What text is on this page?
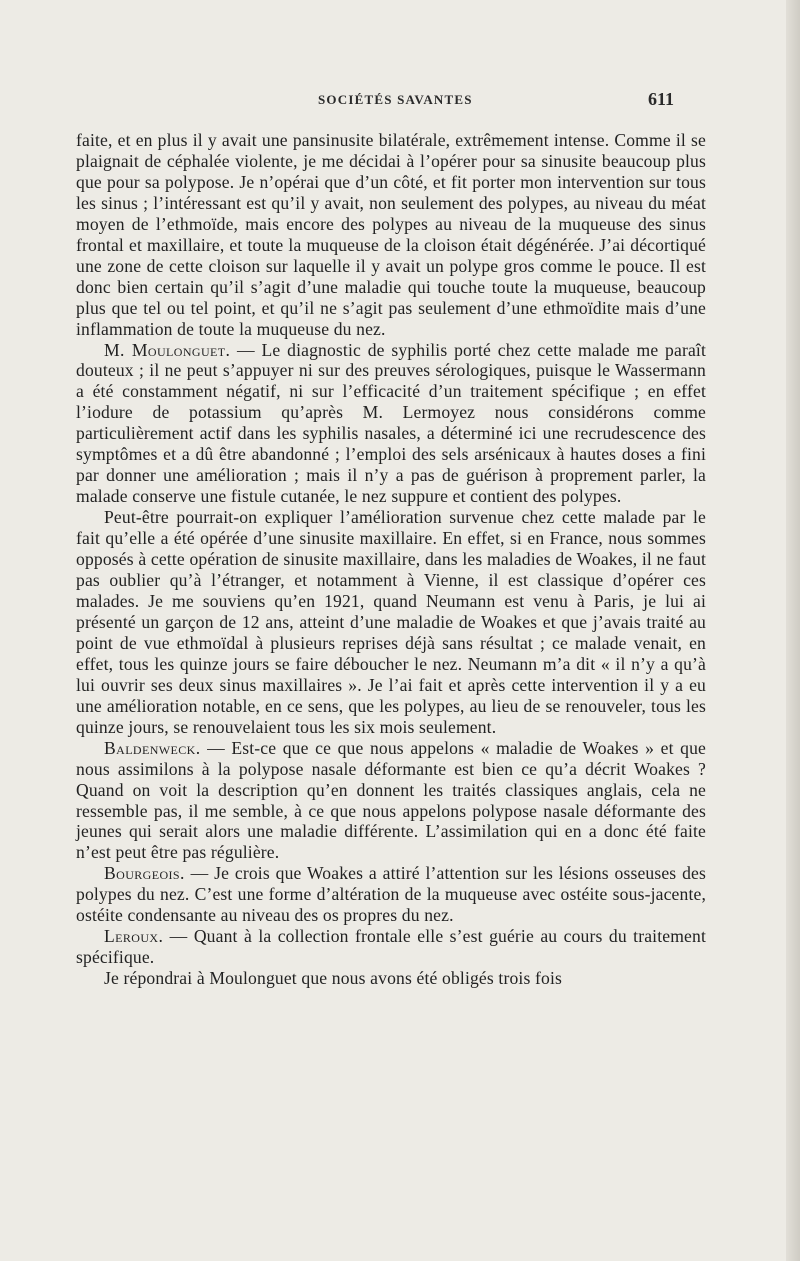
SOCIÉTÉS SAVANTES	611

faite, et en plus il y avait une pansinusite bilatérale, extrêmement intense. Comme il se plaignait de céphalée violente, je me décidai à l’opérer pour sa sinusite beaucoup plus que pour sa polypose. Je n’opérai que d’un côté, et fit porter mon intervention sur tous les sinus ; l’intéressant est qu’il y avait, non seulement des polypes, au niveau du méat moyen de l’ethmoïde, mais encore des polypes au niveau de la muqueuse des sinus frontal et maxillaire, et toute la muqueuse de la cloison était dégénérée. J’ai décortiqué une zone de cette cloison sur laquelle il y avait un polype gros comme le pouce. Il est donc bien certain qu’il s’agit d’une maladie qui touche toute la muqueuse, beaucoup plus que tel ou tel point, et qu’il ne s’agit pas seulement d’une ethmoïdite mais d’une inflammation de toute la muqueuse du nez.

M. Moulonguet. — Le diagnostic de syphilis porté chez cette malade me paraît douteux ; il ne peut s’appuyer ni sur des preuves sérologiques, puisque le Wassermann a été constamment négatif, ni sur l’efficacité d’un traitement spécifique ; en effet l’iodure de potassium qu’après M. Lermoyez nous considérons comme particulièrement actif dans les syphilis nasales, a déterminé ici une recrudescence des symptômes et a dû être abandonné ; l’emploi des sels arsénicaux à hautes doses a fini par donner une amélioration ; mais il n’y a pas de guérison à proprement parler, la malade conserve une fistule cutanée, le nez suppure et contient des polypes.

Peut-être pourrait-on expliquer l’amélioration survenue chez cette malade par le fait qu’elle a été opérée d’une sinusite maxillaire. En effet, si en France, nous sommes opposés à cette opération de sinusite maxillaire, dans les maladies de Woakes, il ne faut pas oublier qu’à l’étranger, et notamment à Vienne, il est classique d’opérer ces malades. Je me souviens qu’en 1921, quand Neumann est venu à Paris, je lui ai présenté un garçon de 12 ans, atteint d’une maladie de Woakes et que j’avais traité au point de vue ethmoïdal à plusieurs reprises déjà sans résultat ; ce malade venait, en effet, tous les quinze jours se faire déboucher le nez. Neumann m’a dit « il n’y a qu’à lui ouvrir ses deux sinus maxillaires ». Je l’ai fait et après cette intervention il y a eu une amélioration notable, en ce sens, que les polypes, au lieu de se renouveler, tous les quinze jours, se renouvelaient tous les six mois seulement.

Baldenweck. — Est-ce que ce que nous appelons « maladie de Woakes » et que nous assimilons à la polypose nasale déformante est bien ce qu’a décrit Woakes ? Quand on voit la description qu’en donnent les traités classiques anglais, cela ne ressemble pas, il me semble, à ce que nous appelons polypose nasale déformante des jeunes qui serait alors une maladie différente. L’assimilation qui en a donc été faite n’est peut être pas régulière.

Bourgeois. — Je crois que Woakes a attiré l’attention sur les lésions osseuses des polypes du nez. C’est une forme d’altération de la muqueuse avec ostéite sous-jacente, ostéite condensante au niveau des os propres du nez.

Leroux. — Quant à la collection frontale elle s’est guérie au cours du traitement spécifique.

Je répondrai à Moulonguet que nous avons été obligés trois fois
